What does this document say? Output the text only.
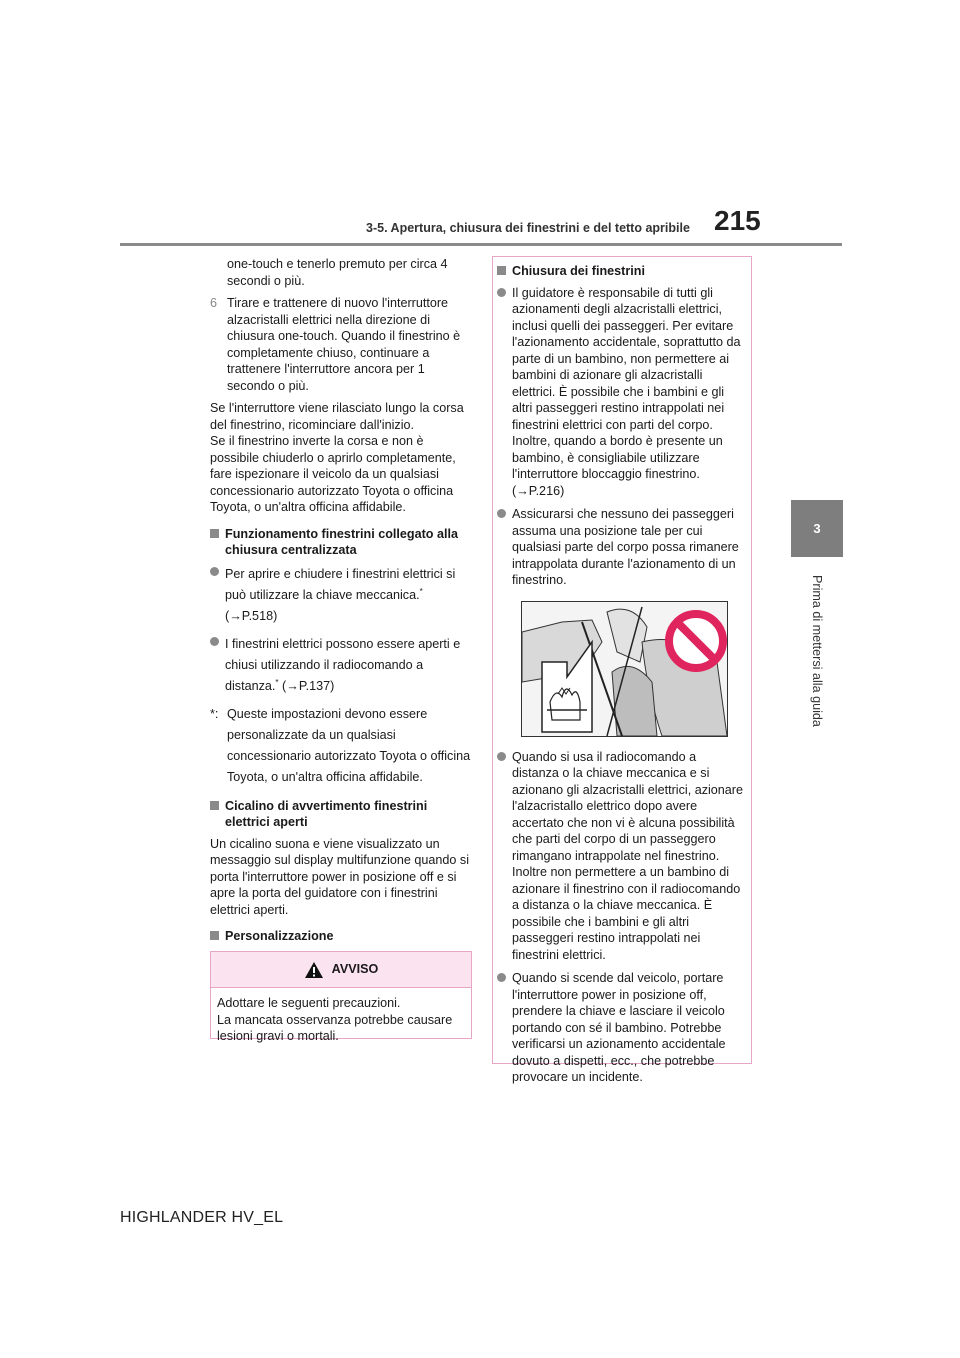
3-5. Apertura, chiusura dei finestrini e del tetto apribile 215
3
Prima di mettersi alla guida

one-touch e tenerlo premuto per circa 4 secondi o più.

6 Tirare e trattenere di nuovo l'interruttore alzacristalli elettrici nella direzione di chiusura one-touch. Quando il finestrino è completamente chiuso, continuare a trattenere l'interruttore ancora per 1 secondo o più.

Se l'interruttore viene rilasciato lungo la corsa del finestrino, ricominciare dall'inizio.

Se il finestrino inverte la corsa e non è possibile chiuderlo o aprirlo completamente, fare ispezionare il veicolo da un qualsiasi concessionario autorizzato Toyota o officina Toyota, o un'altra officina affidabile.

Funzionamento finestrini collegato alla chiusura centralizzata
Per aprire e chiudere i finestrini elettrici si può utilizzare la chiave meccanica.*
(→P.518)
I finestrini elettrici possono essere aperti e chiusi utilizzando il radiocomando a distanza.* (→P.137)
*: Queste impostazioni devono essere personalizzate da un qualsiasi concessionario autorizzato Toyota o officina Toyota, o un'altra officina affidabile.
Cicalino di avvertimento finestrini elettrici aperti

Un cicalino suona e viene visualizzato un messaggio sul display multifunzione quando si porta l'interruttore power in posizione off e si apre la porta del guidatore con i finestrini elettrici aperti.

Personalizzazione

AVVISO
Adottare le seguenti precauzioni.
La mancata osservanza potrebbe causare lesioni gravi o mortali.
Chiusura dei finestrini
Il guidatore è responsabile di tutti gli azionamenti degli alzacristalli elettrici, inclusi quelli dei passeggeri. Per evitare l'azionamento accidentale, soprattutto da parte di un bambino, non permettere ai bambini di azionare gli alzacristalli elettrici. È possibile che i bambini e gli altri passeggeri restino intrappolati nei finestrini elettrici con parti del corpo. Inoltre, quando a bordo è presente un bambino, è consigliabile utilizzare l'interruttore bloccaggio finestrino. (→P.216)
Assicurarsi che nessuno dei passeggeri assuma una posizione tale per cui qualsiasi parte del corpo possa rimanere intrappolata durante l'azionamento di un finestrino.
Quando si usa il radiocomando a distanza o la chiave meccanica e si azionano gli alzacristalli elettrici, azionare l'alzacristallo elettrico dopo avere accertato che non vi è alcuna possibilità che parti del corpo di un passeggero rimangano intrappolate nel finestrino. Inoltre non permettere a un bambino di azionare il finestrino con il radiocomando a distanza o la chiave meccanica. È possibile che i bambini e gli altri passeggeri restino intrappolati nei finestrini elettrici.
Quando si scende dal veicolo, portare l'interruttore power in posizione off, prendere la chiave e lasciare il veicolo portando con sé il bambino. Potrebbe verificarsi un azionamento accidentale dovuto a dispetti, ecc., che potrebbe provocare un incidente.
HIGHLANDER HV_EL
